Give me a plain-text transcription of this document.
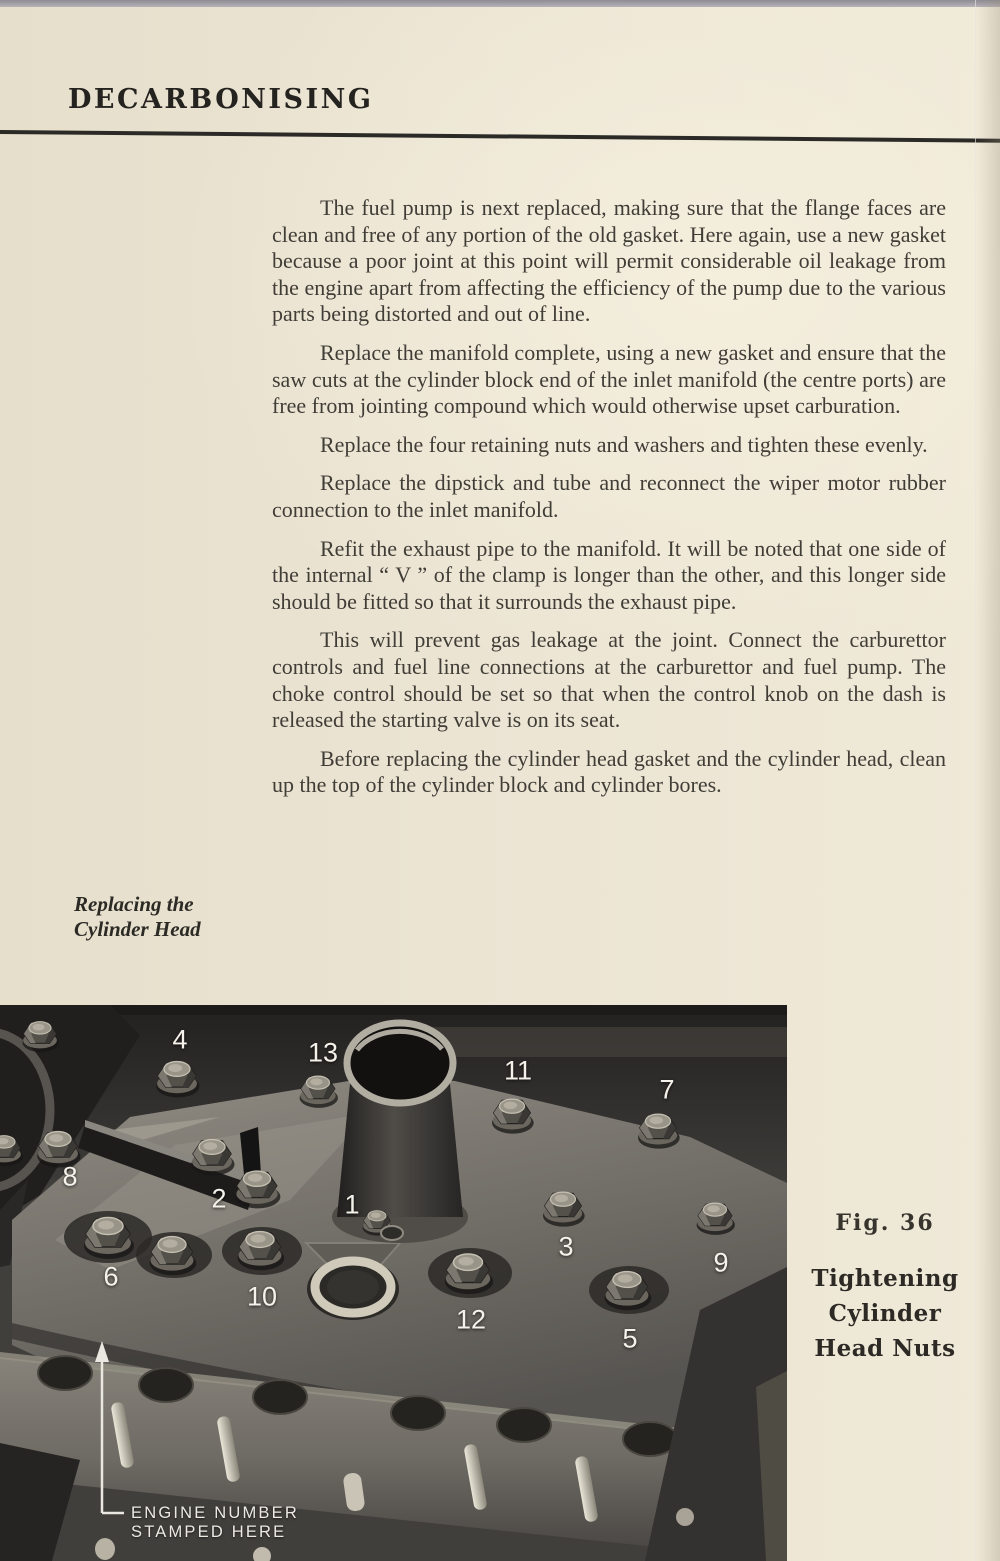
DECARBONISING

The fuel pump is next replaced, making sure that the flange faces are clean and free of any portion of the old gasket. Here again, use a new gasket because a poor joint at this point will permit considerable oil leakage from the engine apart from affecting the efficiency of the pump due to the various parts being distorted and out of line.

Replace the manifold complete, using a new gasket and ensure that the saw cuts at the cylinder block end of the inlet manifold (the centre ports) are free from jointing compound which would otherwise upset carburation.

Replace the four retaining nuts and washers and tighten these evenly.

Replace the dipstick and tube and reconnect the wiper motor rubber connection to the inlet manifold.

Refit the exhaust pipe to the manifold. It will be noted that one side of the internal “ V ” of the clamp is longer than the other, and this longer side should be fitted so that it surrounds the exhaust pipe.

This will prevent gas leakage at the joint. Connect the carburettor controls and fuel line connections at the carburettor and fuel pump. The choke control should be set so that when the control knob on the dash is released the starting valve is on its seat.

Before replacing the cylinder head gasket and the cylinder head, clean up the top of the cylinder block and cylinder bores.

Replacing the
Cylinder Head
4	13
11
7
8
2	1
3
9
6
10
12
5
ENGINE NUMBER
STAMPED HERE
Fig. 36
Tightening
Cylinder
Head Nuts
